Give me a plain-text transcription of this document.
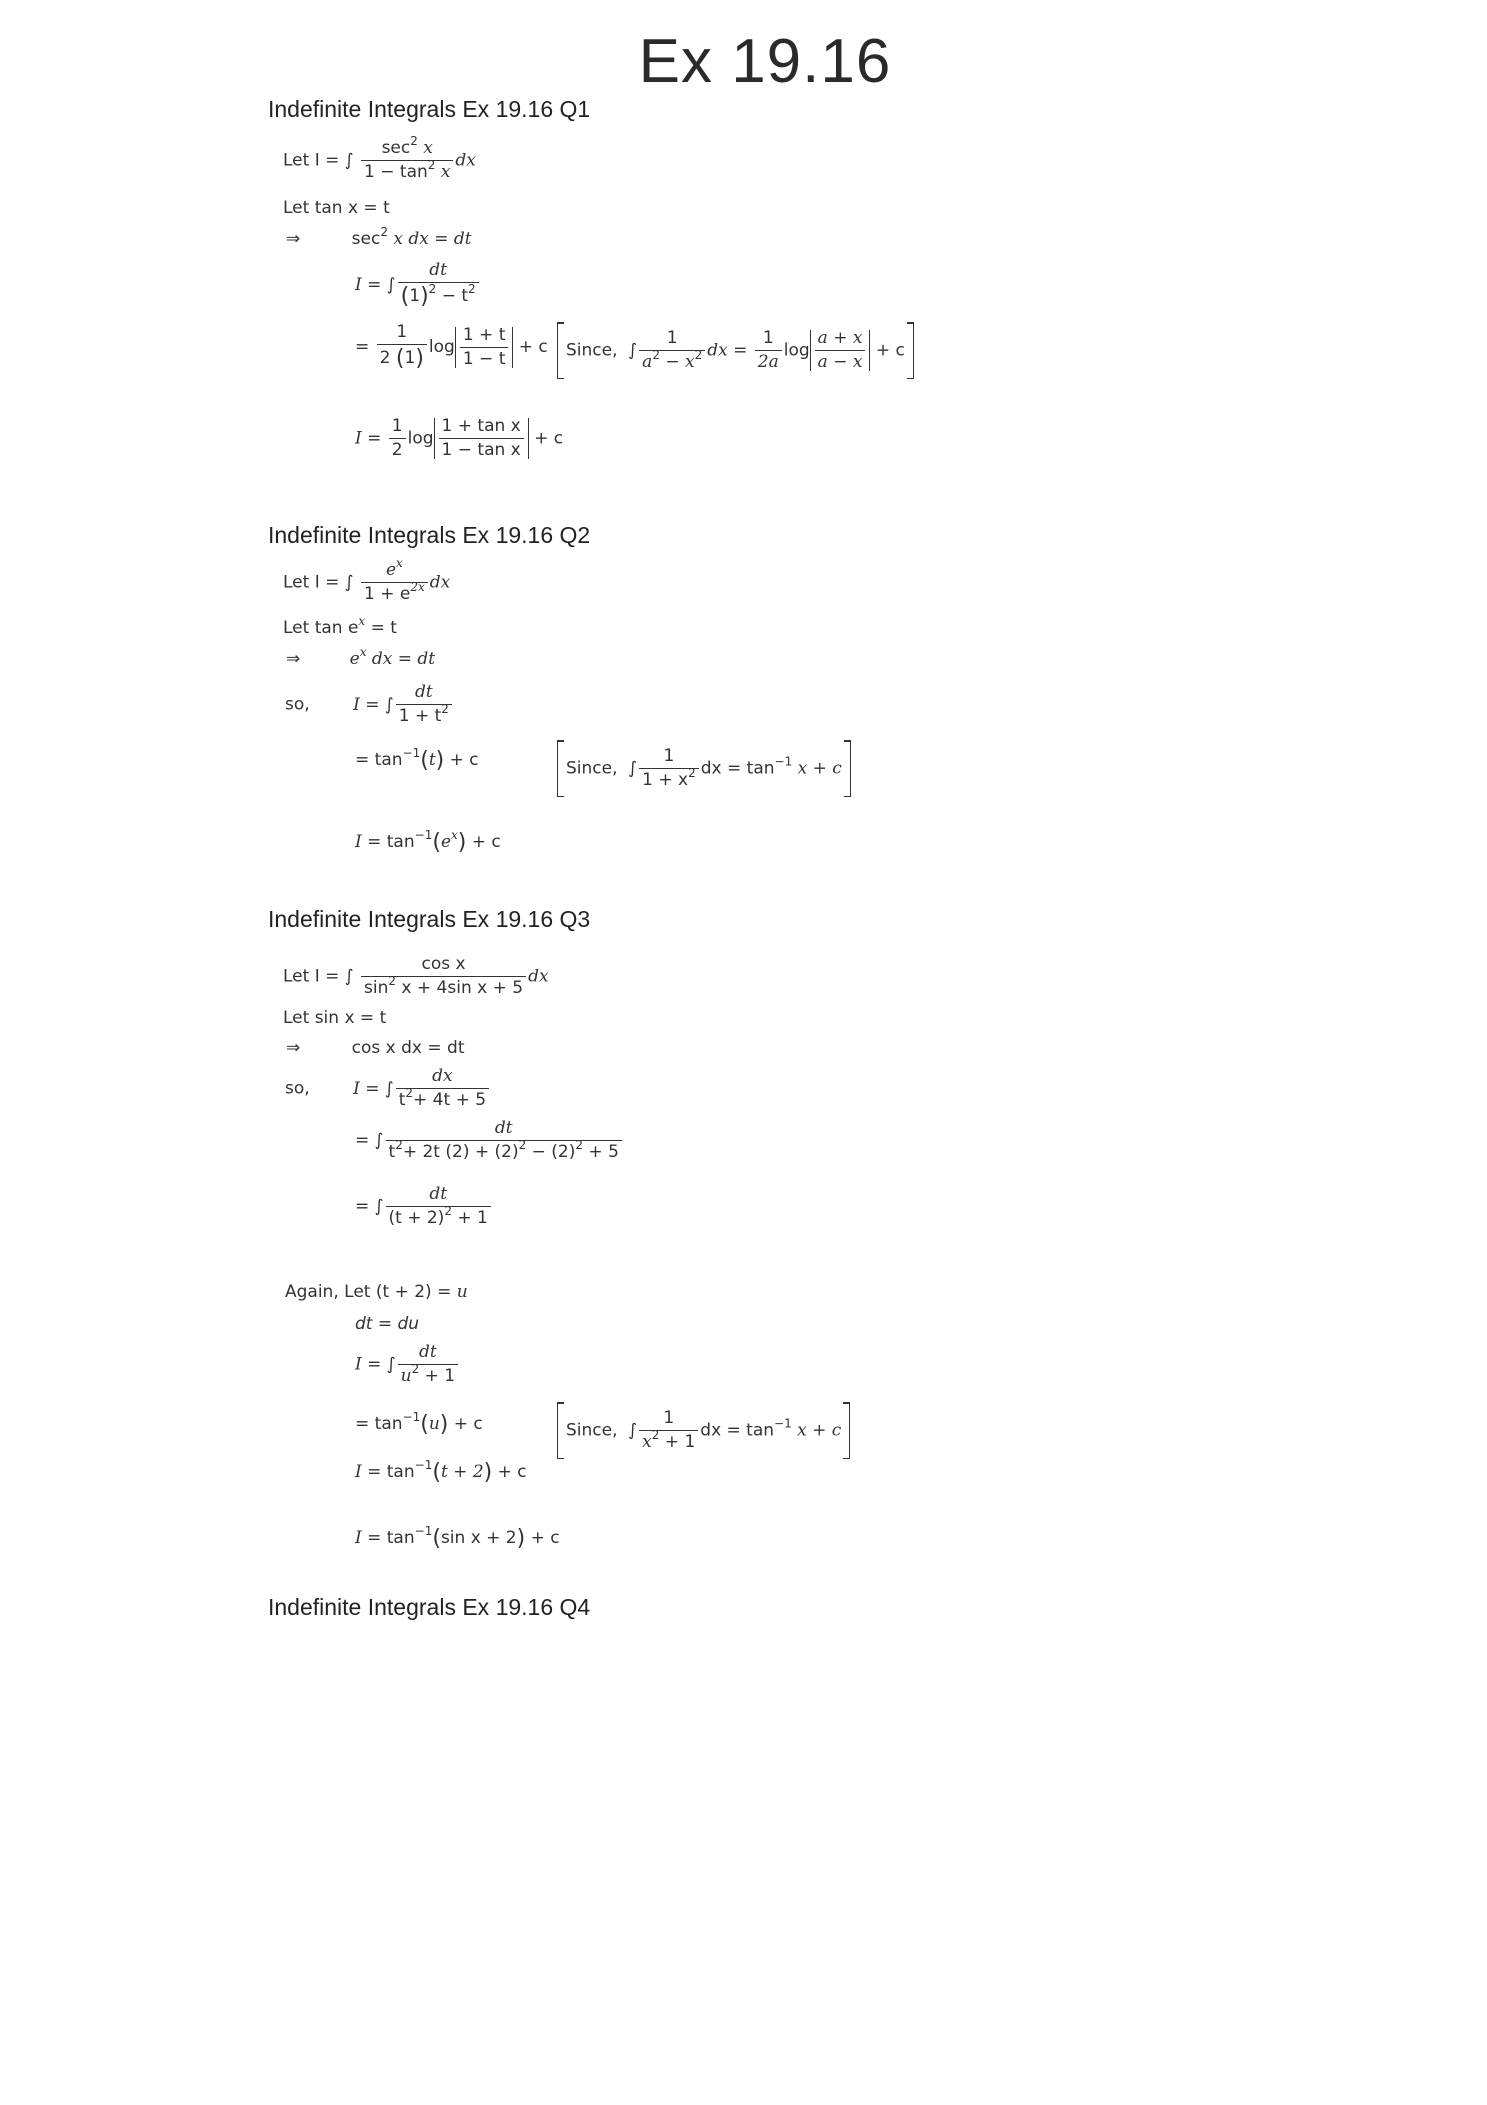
Ex 19.16
Indefinite Integrals Ex 19.16 Q1
Let I = ∫ $\frac{\sec^2 x}{1 - \tan^2 x}$ dx
Let tan x = t
⇒	$\sec^2 x$ dx = dt
I = ∫ $\frac{dt}{(1)^2 - t^2}$
= $\frac{1}{2 (1)}$ $\log \frac{1 + t}{1 - t} + c$	Since,  ∫ $\frac{1}{a^2 - x^2}$ dx = $\frac{1}{2a}$ $\log \frac{a + x}{a - x} + c$
$I = \frac{1}{2}$ $\log \frac{\text{1 + tan x}}{\text{1 − tan x}} + c$
Indefinite Integrals Ex 19.16 Q2
Let I = ∫ $\frac{e^x}{1 + e^{2x}}$ dx
Let $\tan e^x = t$
⇒	$e^x$ dx = dt
so,	I = ∫ $\frac{dt}{1 + t^2}$
= $\tan^{-1}(t) + c$	Since,  ∫ $\frac{1}{1 + x^2}$ dx = $\tan^{-1} x + c$
$I = \tan^{-1}(e^x) + c$
Indefinite Integrals Ex 19.16 Q3
Let I = ∫ $\frac{\text{cos x}}{\sin^2 x + 4\sin x + 5}$ dx
Let sin x = t
⇒	cos x dx = dt
so,	I = ∫ $\frac{dx}{t^2+ 4t + 5}$
= ∫ $\frac{dt}{t^2+ 2t (2) + (2)^2 - (2)^2 + 5}$
= ∫ $\frac{dt}{(t + 2)^2 + 1}$
Again, Let (t + 2) = u
dt = du
I = ∫ $\frac{dt}{u^2 + 1}$
= $\tan^{-1}(u) + c$	Since,  ∫ $\frac{1}{x^2 + 1}$ dx = $\tan^{-1} x + c$
$I = \tan^{-1}(t + 2) + c$
$I = \tan^{-1}(\sin$ x + 2) + c
Indefinite Integrals Ex 19.16 Q4
